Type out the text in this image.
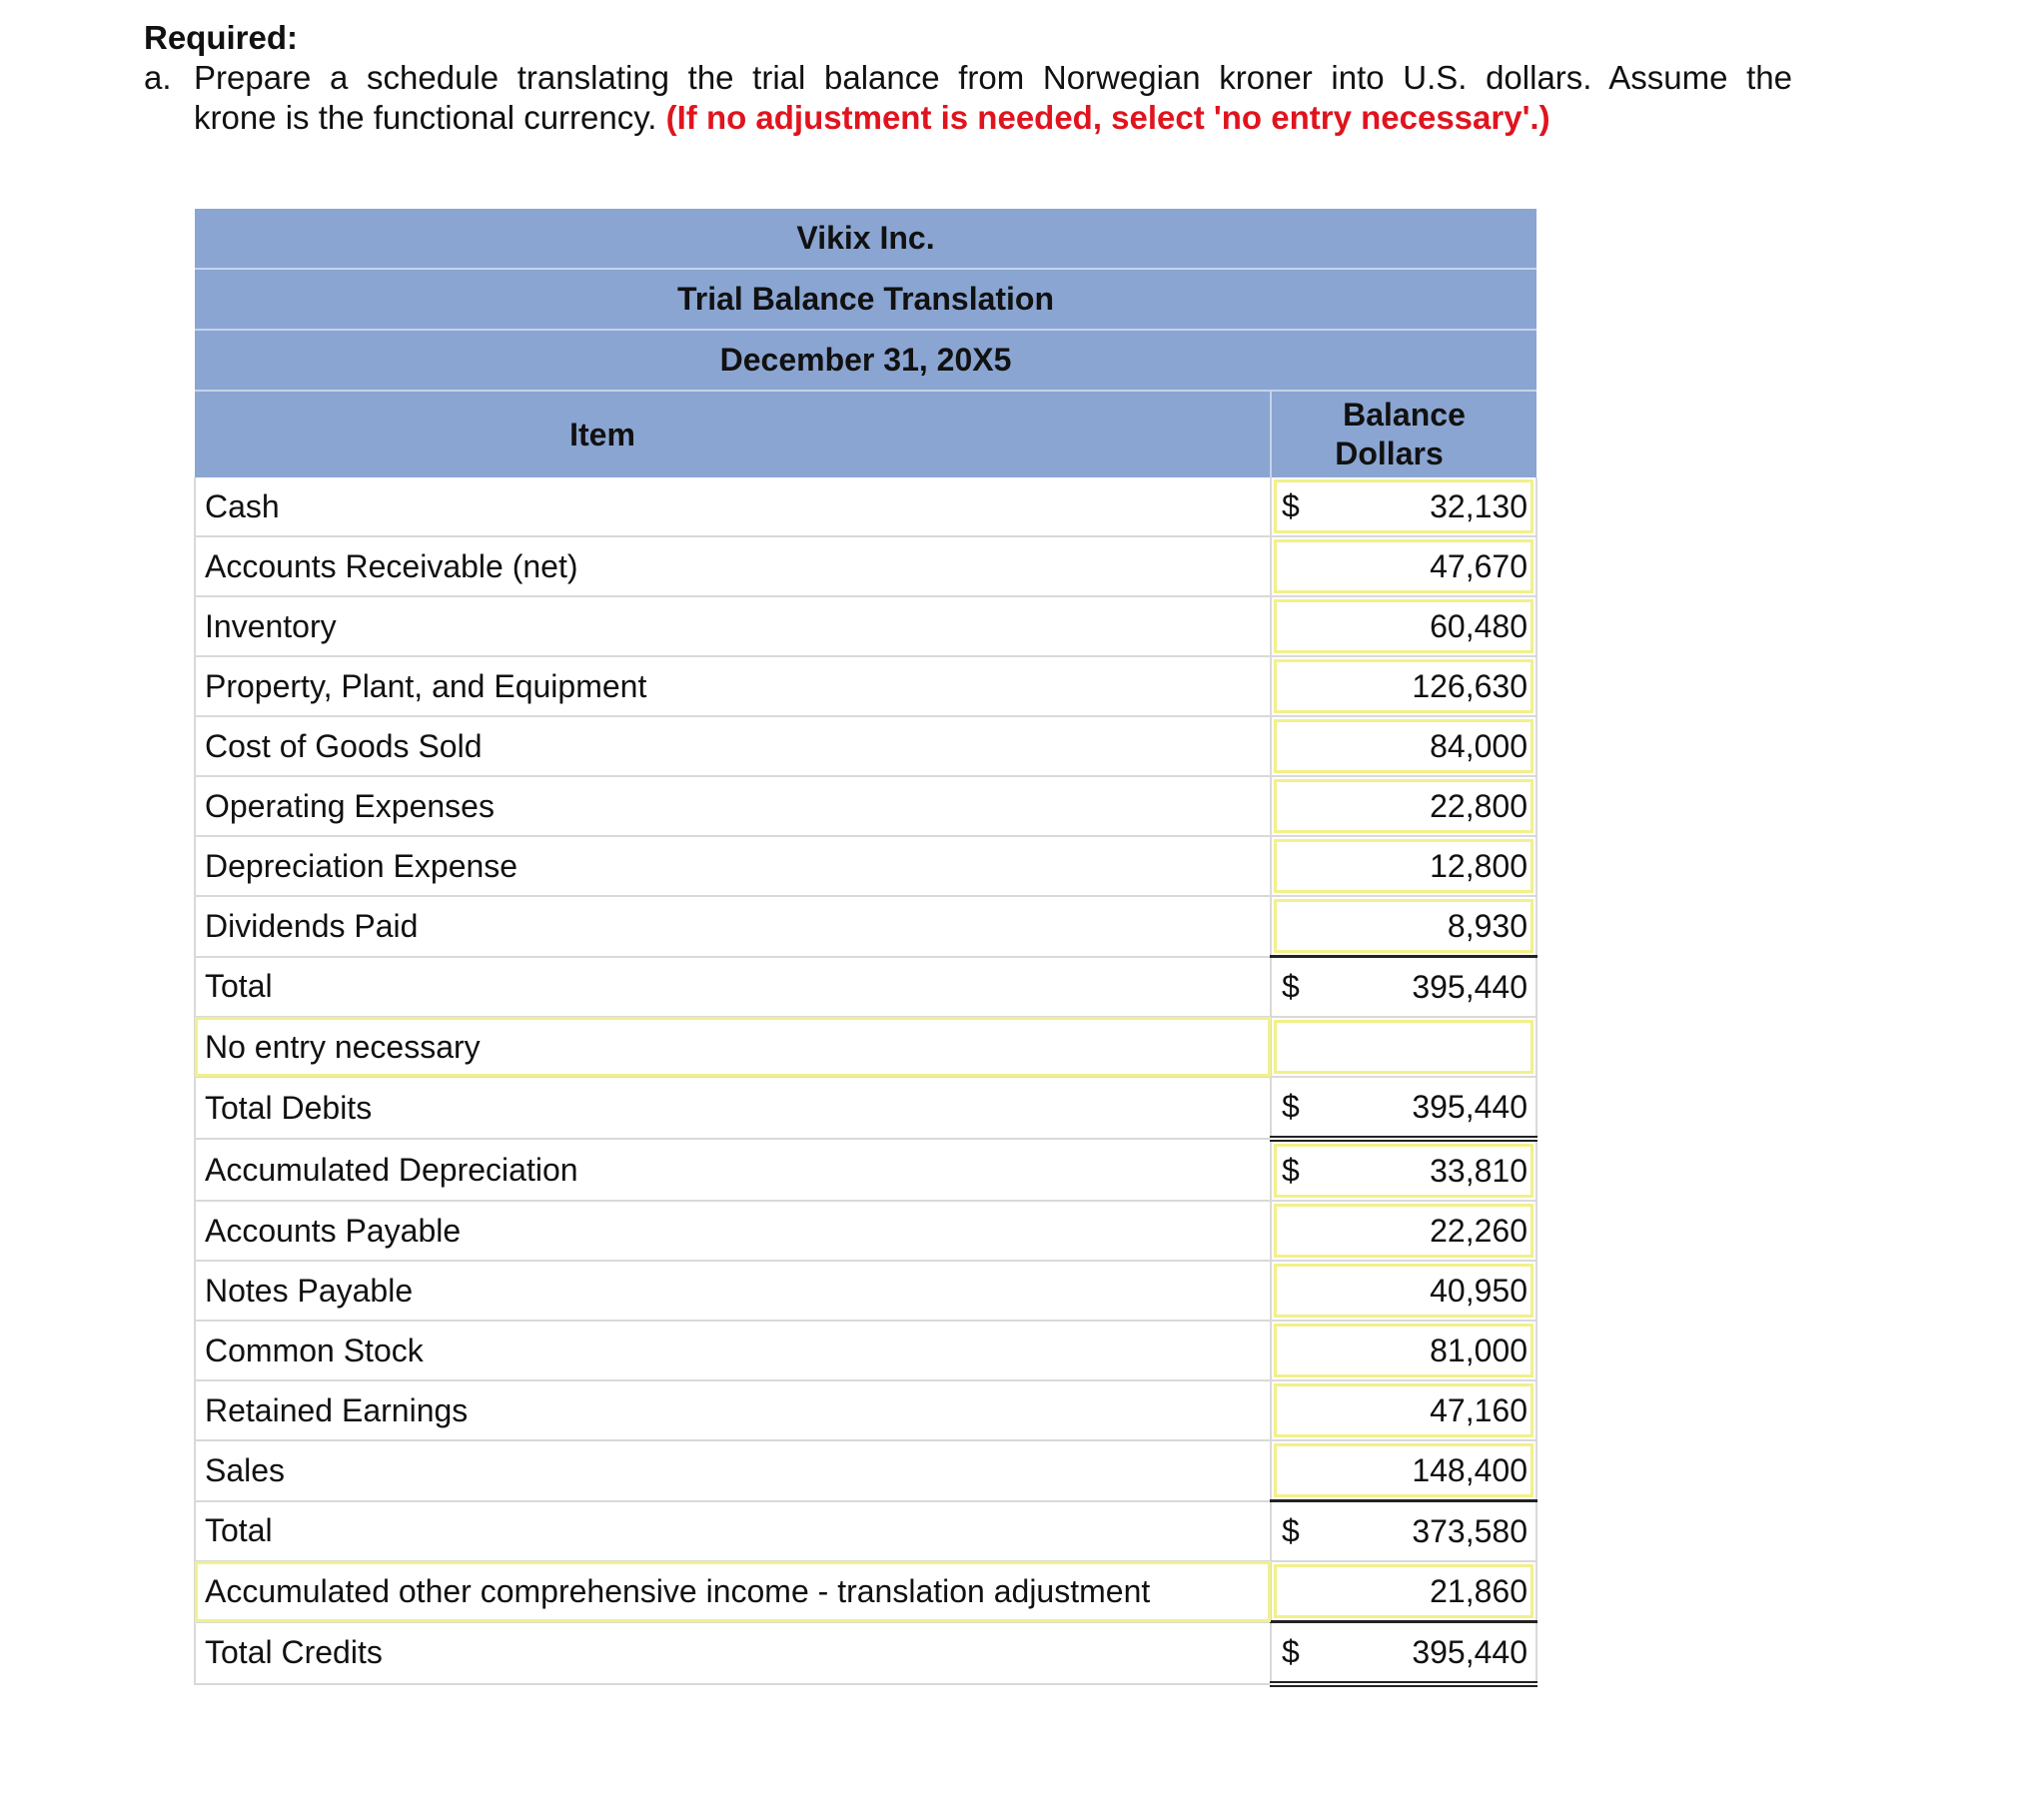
Required:
a. Prepare a schedule translating the trial balance from Norwegian kroner into U.S. dollars. Assume the
krone is the functional currency. (If no adjustment is needed, select 'no entry necessary'.)
Vikix Inc.	
Trial Balance Translation	
December 31, 20X5	
Item	Balance
Dollars

Cash	$ 32,130
Accounts Receivable (net)	47,670
Inventory	60,480
Property, Plant, and Equipment	126,630
Cost of Goods Sold	84,000
Operating Expenses	22,800
Depreciation Expense	12,800
Dividends Paid	8,930
Total	$ 395,440
No entry necessary	

Total Debits	$ 395,440
Accumulated Depreciation	$ 33,810
Accounts Payable	22,260
Notes Payable	40,950
Common Stock	81,000
Retained Earnings	47,160
Sales	148,400
Total	$ 373,580
Accumulated other comprehensive income - translation adjustment	21,860
Total Credits	$ 395,440
